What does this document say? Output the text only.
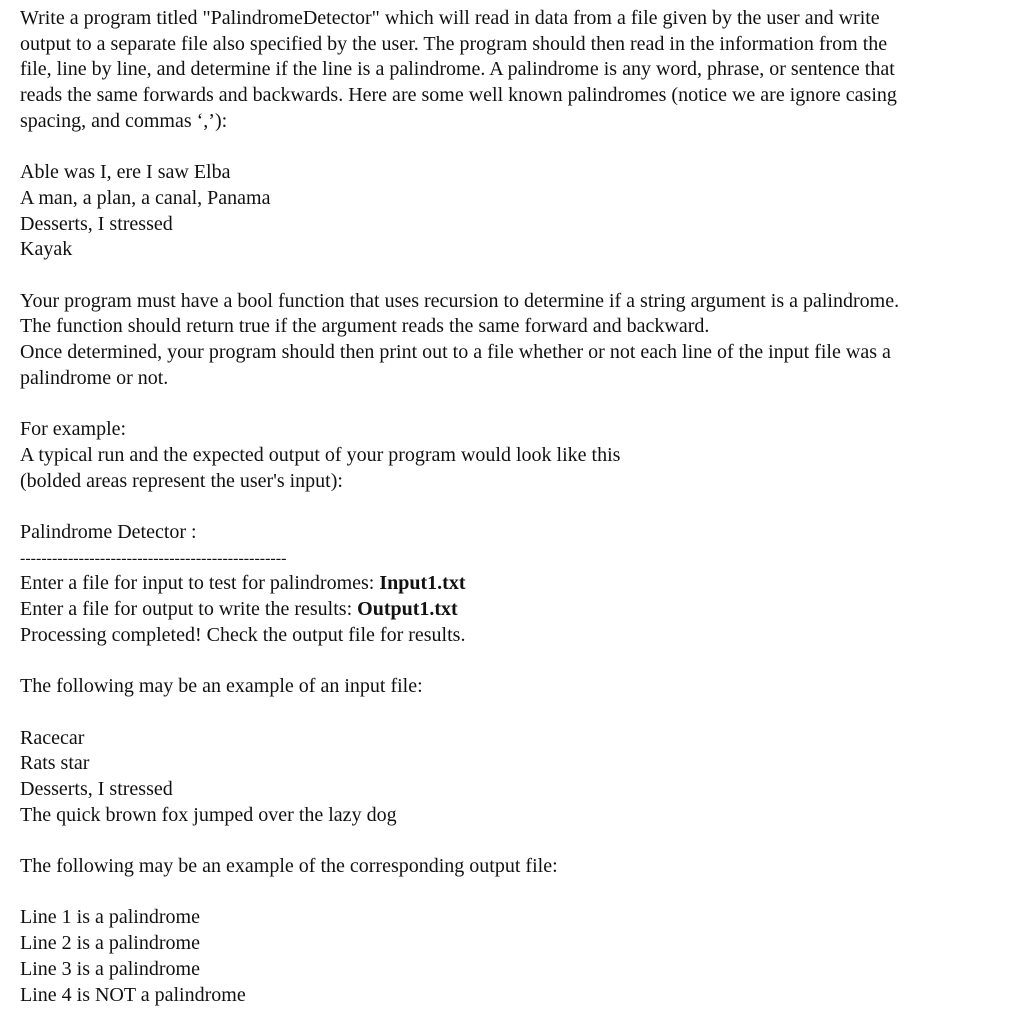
Write a program titled "PalindromeDetector" which will read in data from a file given by the user and write
output to a separate file also specified by the user. The program should then read in the information from the
file, line by line, and determine if the line is a palindrome. A palindrome is any word, phrase, or sentence that
reads the same forwards and backwards. Here are some well known palindromes (notice we are ignore casing
spacing, and commas ‘,’):

Able was I, ere I saw Elba
A man, a plan, a canal, Panama
Desserts, I stressed
Kayak

Your program must have a bool function that uses recursion to determine if a string argument is a palindrome.
The function should return true if the argument reads the same forward and backward.
Once determined, your program should then print out to a file whether or not each line of the input file was a
palindrome or not.

For example:
A typical run and the expected output of your program would look like this
(bolded areas represent the user's input):

Palindrome Detector :
--------------------------------------------------
Enter a file for input to test for palindromes: Input1.txt
Enter a file for output to write the results: Output1.txt
Processing completed! Check the output file for results.
The following may be an example of an input file:

Racecar
Rats star
Desserts, I stressed
The quick brown fox jumped over the lazy dog

The following may be an example of the corresponding output file:

Line 1 is a palindrome
Line 2 is a palindrome
Line 3 is a palindrome
Line 4 is NOT a palindrome
